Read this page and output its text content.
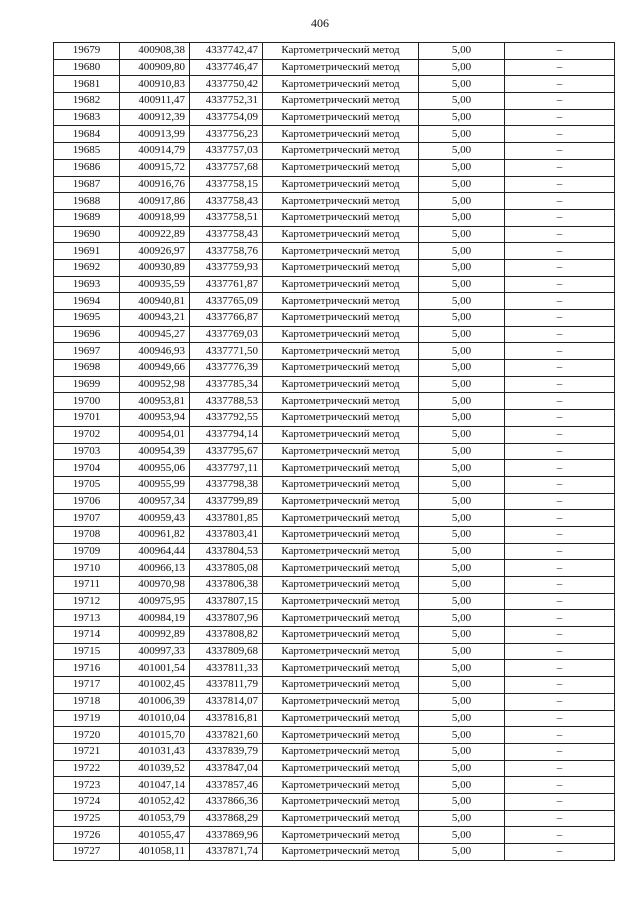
406
19679	400908,38	4337742,47	Картометрический метод	5,00	–
19680	400909,80	4337746,47	Картометрический метод	5,00	–
19681	400910,83	4337750,42	Картометрический метод	5,00	–
19682	400911,47	4337752,31	Картометрический метод	5,00	–
19683	400912,39	4337754,09	Картометрический метод	5,00	–
19684	400913,99	4337756,23	Картометрический метод	5,00	–
19685	400914,79	4337757,03	Картометрический метод	5,00	–
19686	400915,72	4337757,68	Картометрический метод	5,00	–
19687	400916,76	4337758,15	Картометрический метод	5,00	–
19688	400917,86	4337758,43	Картометрический метод	5,00	–
19689	400918,99	4337758,51	Картометрический метод	5,00	–
19690	400922,89	4337758,43	Картометрический метод	5,00	–
19691	400926,97	4337758,76	Картометрический метод	5,00	–
19692	400930,89	4337759,93	Картометрический метод	5,00	–
19693	400935,59	4337761,87	Картометрический метод	5,00	–
19694	400940,81	4337765,09	Картометрический метод	5,00	–
19695	400943,21	4337766,87	Картометрический метод	5,00	–
19696	400945,27	4337769,03	Картометрический метод	5,00	–
19697	400946,93	4337771,50	Картометрический метод	5,00	–
19698	400949,66	4337776,39	Картометрический метод	5,00	–
19699	400952,98	4337785,34	Картометрический метод	5,00	–
19700	400953,81	4337788,53	Картометрический метод	5,00	–
19701	400953,94	4337792,55	Картометрический метод	5,00	–
19702	400954,01	4337794,14	Картометрический метод	5,00	–
19703	400954,39	4337795,67	Картометрический метод	5,00	–
19704	400955,06	4337797,11	Картометрический метод	5,00	–
19705	400955,99	4337798,38	Картометрический метод	5,00	–
19706	400957,34	4337799,89	Картометрический метод	5,00	–
19707	400959,43	4337801,85	Картометрический метод	5,00	–
19708	400961,82	4337803,41	Картометрический метод	5,00	–
19709	400964,44	4337804,53	Картометрический метод	5,00	–
19710	400966,13	4337805,08	Картометрический метод	5,00	–
19711	400970,98	4337806,38	Картометрический метод	5,00	–
19712	400975,95	4337807,15	Картометрический метод	5,00	–
19713	400984,19	4337807,96	Картометрический метод	5,00	–
19714	400992,89	4337808,82	Картометрический метод	5,00	–
19715	400997,33	4337809,68	Картометрический метод	5,00	–
19716	401001,54	4337811,33	Картометрический метод	5,00	–
19717	401002,45	4337811,79	Картометрический метод	5,00	–
19718	401006,39	4337814,07	Картометрический метод	5,00	–
19719	401010,04	4337816,81	Картометрический метод	5,00	–
19720	401015,70	4337821,60	Картометрический метод	5,00	–
19721	401031,43	4337839,79	Картометрический метод	5,00	–
19722	401039,52	4337847,04	Картометрический метод	5,00	–
19723	401047,14	4337857,46	Картометрический метод	5,00	–
19724	401052,42	4337866,36	Картометрический метод	5,00	–
19725	401053,79	4337868,29	Картометрический метод	5,00	–
19726	401055,47	4337869,96	Картометрический метод	5,00	–
19727	401058,11	4337871,74	Картометрический метод	5,00	–
